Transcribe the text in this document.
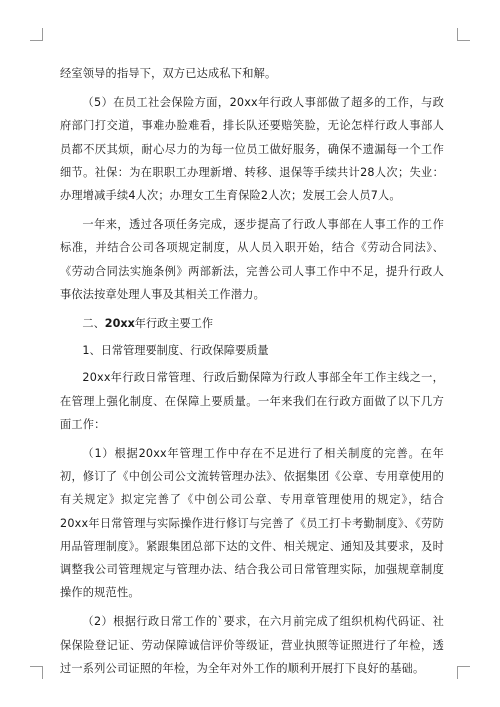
经室领导的指导下，双方已达成私下和解。

（5）在员工社会保险方面，20xx年行政人事部做了超多的工作，与政府部门打交道，事难办脸难看，排长队还要赔笑脸，无论怎样行政人事部人员都不厌其烦，耐心尽力的为每一位员工做好服务，确保不遗漏每一个工作细节。社保：为在职职工办理新增、转移、退保等手续共计28人次；失业：办理增减手续4人次；办理女工生育保险2人次；发展工会人员7人。

一年来，透过各项任务完成，逐步提高了行政人事部在人事工作的工作标准，并结合公司各项规定制度，从人员入职开始，结合《劳动合同法》、《劳动合同法实施条例》两部新法，完善公司人事工作中不足，提升行政人事依法按章处理人事及其相关工作潜力。

二、20xx年行政主要工作

1、日常管理要制度、行政保障要质量

20xx年行政日常管理、行政后勤保障为行政人事部全年工作主线之一，在管理上强化制度、在保障上要质量。一年来我们在行政方面做了以下几方面工作：

（1）根据20xx年管理工作中存在不足进行了相关制度的完善。在年初，修订了《中创公司公文流转管理办法》、依据集团《公章、专用章使用的有关规定》拟定完善了《中创公司公章、专用章管理使用的规定》，结合20xx年日常管理与实际操作进行修订与完善了《员工打卡考勤制度》、《劳防用品管理制度》。紧跟集团总部下达的文件、相关规定、通知及其要求，及时调整我公司管理规定与管理办法、结合我公司日常管理实际，加强规章制度操作的规范性。

（2）根据行政日常工作的`要求，在六月前完成了组织机构代码证、社保保险登记证、劳动保障诚信评价等级证，营业执照等证照进行了年检，透过一系列公司证照的年检，为全年对外工作的顺利开展打下良好的基础。
